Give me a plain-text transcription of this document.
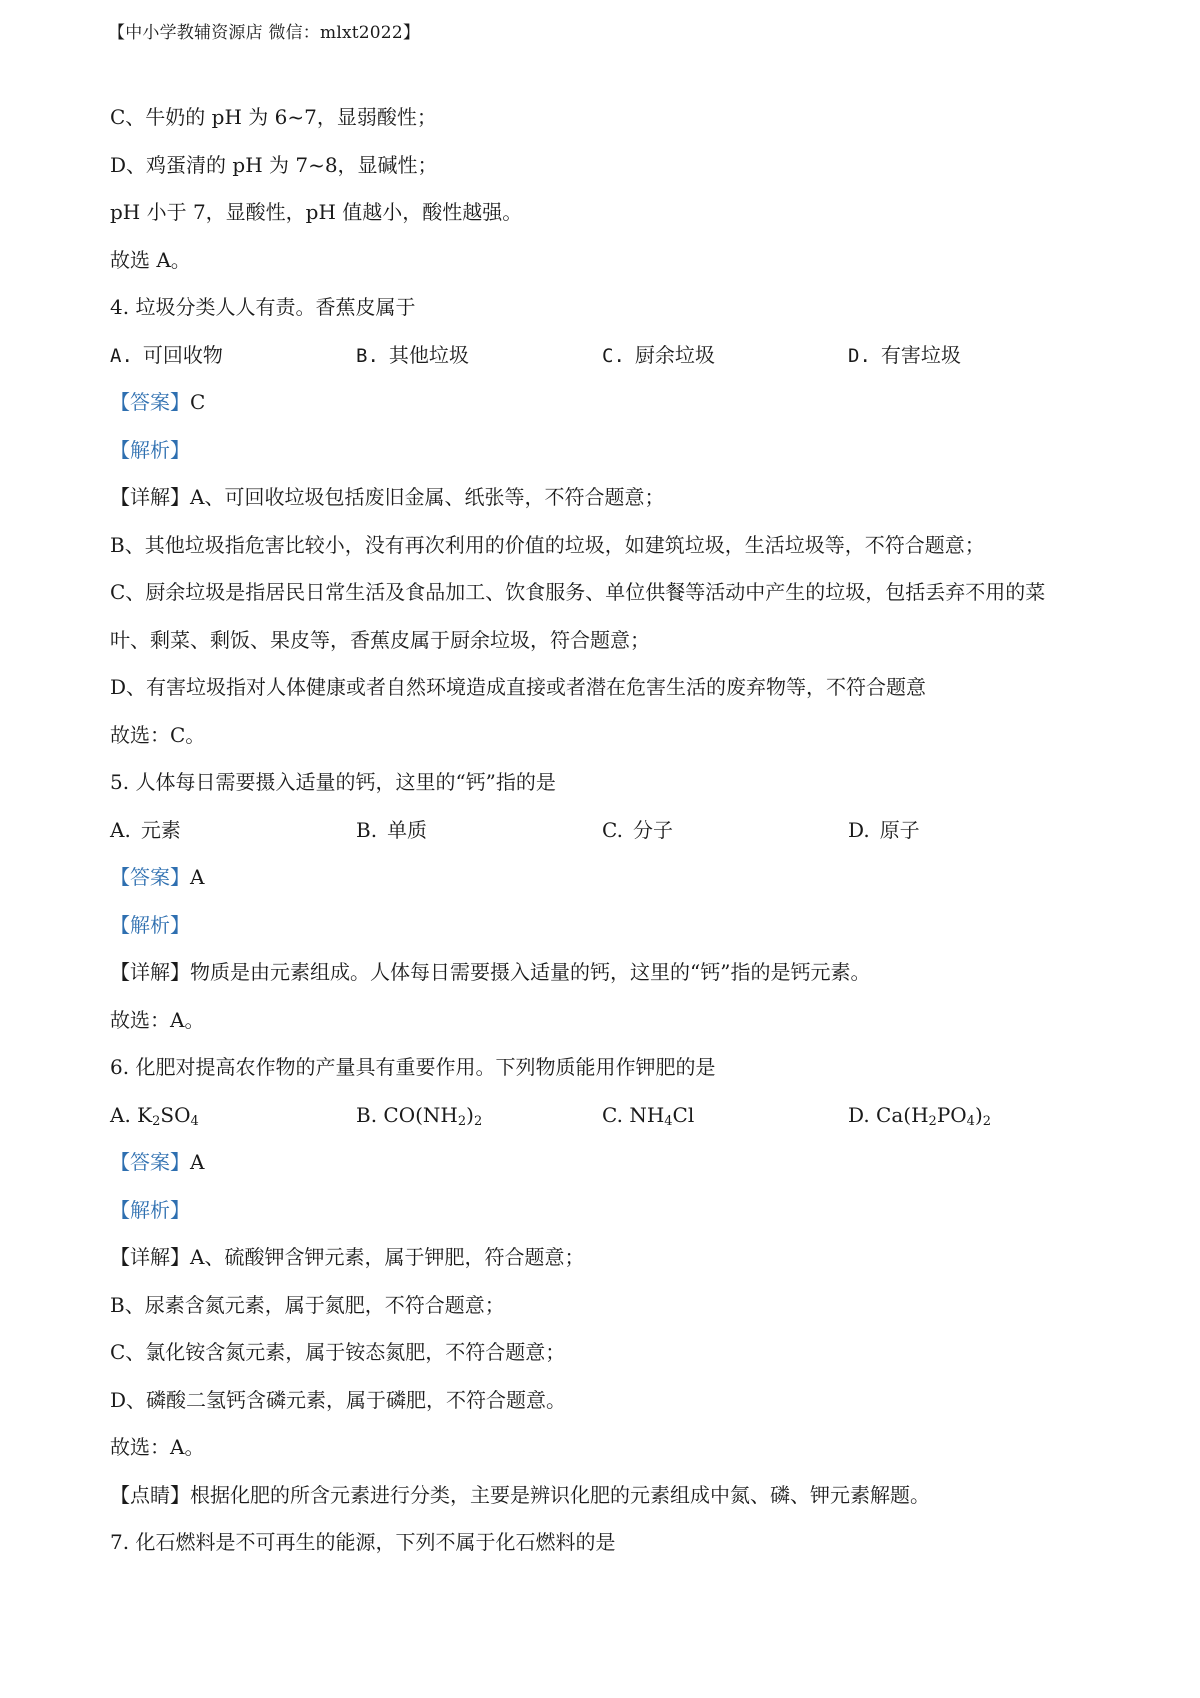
【中小学教辅资源店 微信：mlxt2022】
C、牛奶的 pH 为 6~7，显弱酸性；
D、鸡蛋清的 pH 为 7~8，显碱性；
pH 小于 7，显酸性，pH 值越小，酸性越强。
故选 A。
4. 垃圾分类人人有责。香蕉皮属于
A. 可回收物	B. 其他垃圾	C. 厨余垃圾	D. 有害垃圾
【答案】C
【解析】
【详解】A、可回收垃圾包括废旧金属、纸张等，不符合题意；
B、其他垃圾指危害比较小，没有再次利用的价值的垃圾，如建筑垃圾，生活垃圾等，不符合题意；
C、厨余垃圾是指居民日常生活及食品加工、饮食服务、单位供餐等活动中产生的垃圾，包括丢弃不用的菜
叶、剩菜、剩饭、果皮等，香蕉皮属于厨余垃圾，符合题意；
D、有害垃圾指对人体健康或者自然环境造成直接或者潜在危害生活的废弃物等，不符合题意
故选：C。
5. 人体每日需要摄入适量的钙，这里的“钙”指的是
A. 元素	B. 单质	C. 分子	D. 原子
【答案】A
【解析】
【详解】物质是由元素组成。人体每日需要摄入适量的钙，这里的“钙”指的是钙元素。
故选：A。
6. 化肥对提高农作物的产量具有重要作用。下列物质能用作钾肥的是
A. $K_2SO_4$	B. $CO(NH_2)_2$	C. $NH_4Cl$	D. $Ca(H_2PO_4)_2$
【答案】A
【解析】
【详解】A、硫酸钾含钾元素，属于钾肥，符合题意；
B、尿素含氮元素，属于氮肥，不符合题意；
C、氯化铵含氮元素，属于铵态氮肥，不符合题意；
D、磷酸二氢钙含磷元素，属于磷肥，不符合题意。
故选：A。
【点睛】根据化肥的所含元素进行分类，主要是辨识化肥的元素组成中氮、磷、钾元素解题。
7. 化石燃料是不可再生的能源，下列不属于化石燃料的是
